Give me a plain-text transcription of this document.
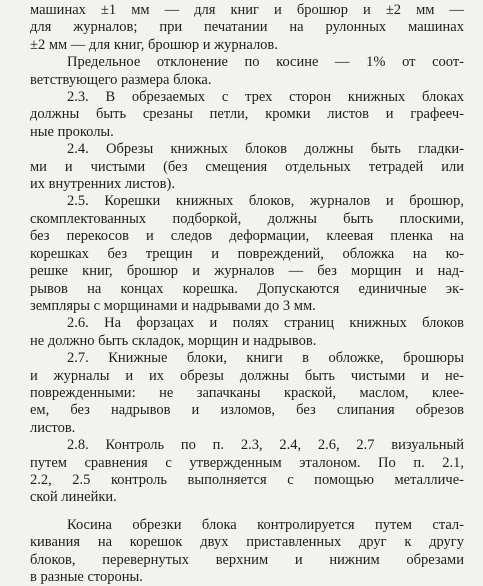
машинах ±1 мм — для книг и брошюр и ±2 мм —
для журналов; при печатании на рулонных машинах
±2 мм — для книг, брошюр и журналов.
Предельное отклонение по косине — 1% от соот-
ветствующего размера блока.
2.3. В обрезаемых с трех сторон книжных блоках
должны быть срезаны петли, кромки листов и графееч-
ные проколы.
2.4. Обрезы книжных блоков должны быть гладки-
ми и чистыми (без смещения отдельных тетрадей или
их внутренних листов).
2.5. Корешки книжных блоков, журналов и брошюр,
скомплектованных подборкой, должны быть плоскими,
без перекосов и следов деформации, клеевая пленка на
корешках без трещин и повреждений, обложка на ко-
решке книг, брошюр и журналов — без морщин и над-
рывов на концах корешка. Допускаются единичные эк-
земпляры с морщинами и надрывами до 3 мм.
2.6. На форзацах и полях страниц книжных блоков
не должно быть складок, морщин и надрывов.
2.7. Книжные блоки, книги в обложке, брошюры
и журналы и их обрезы должны быть чистыми и не-
поврежденными: не запачканы краской, маслом, клее-
ем, без надрывов и изломов, без слипания обрезов
листов.
2.8. Контроль по п. 2.3, 2.4, 2.6, 2.7 визуальный
путем сравнения с утвержденным эталоном. По п. 2.1,
2.2, 2.5 контроль выполняется с помощью металличе-
ской линейки.
Косина обрезки блока контролируется путем стал-
кивания на корешок двух приставленных друг к другу
блоков, перевернутых верхним и нижним обрезами
в разные стороны.
